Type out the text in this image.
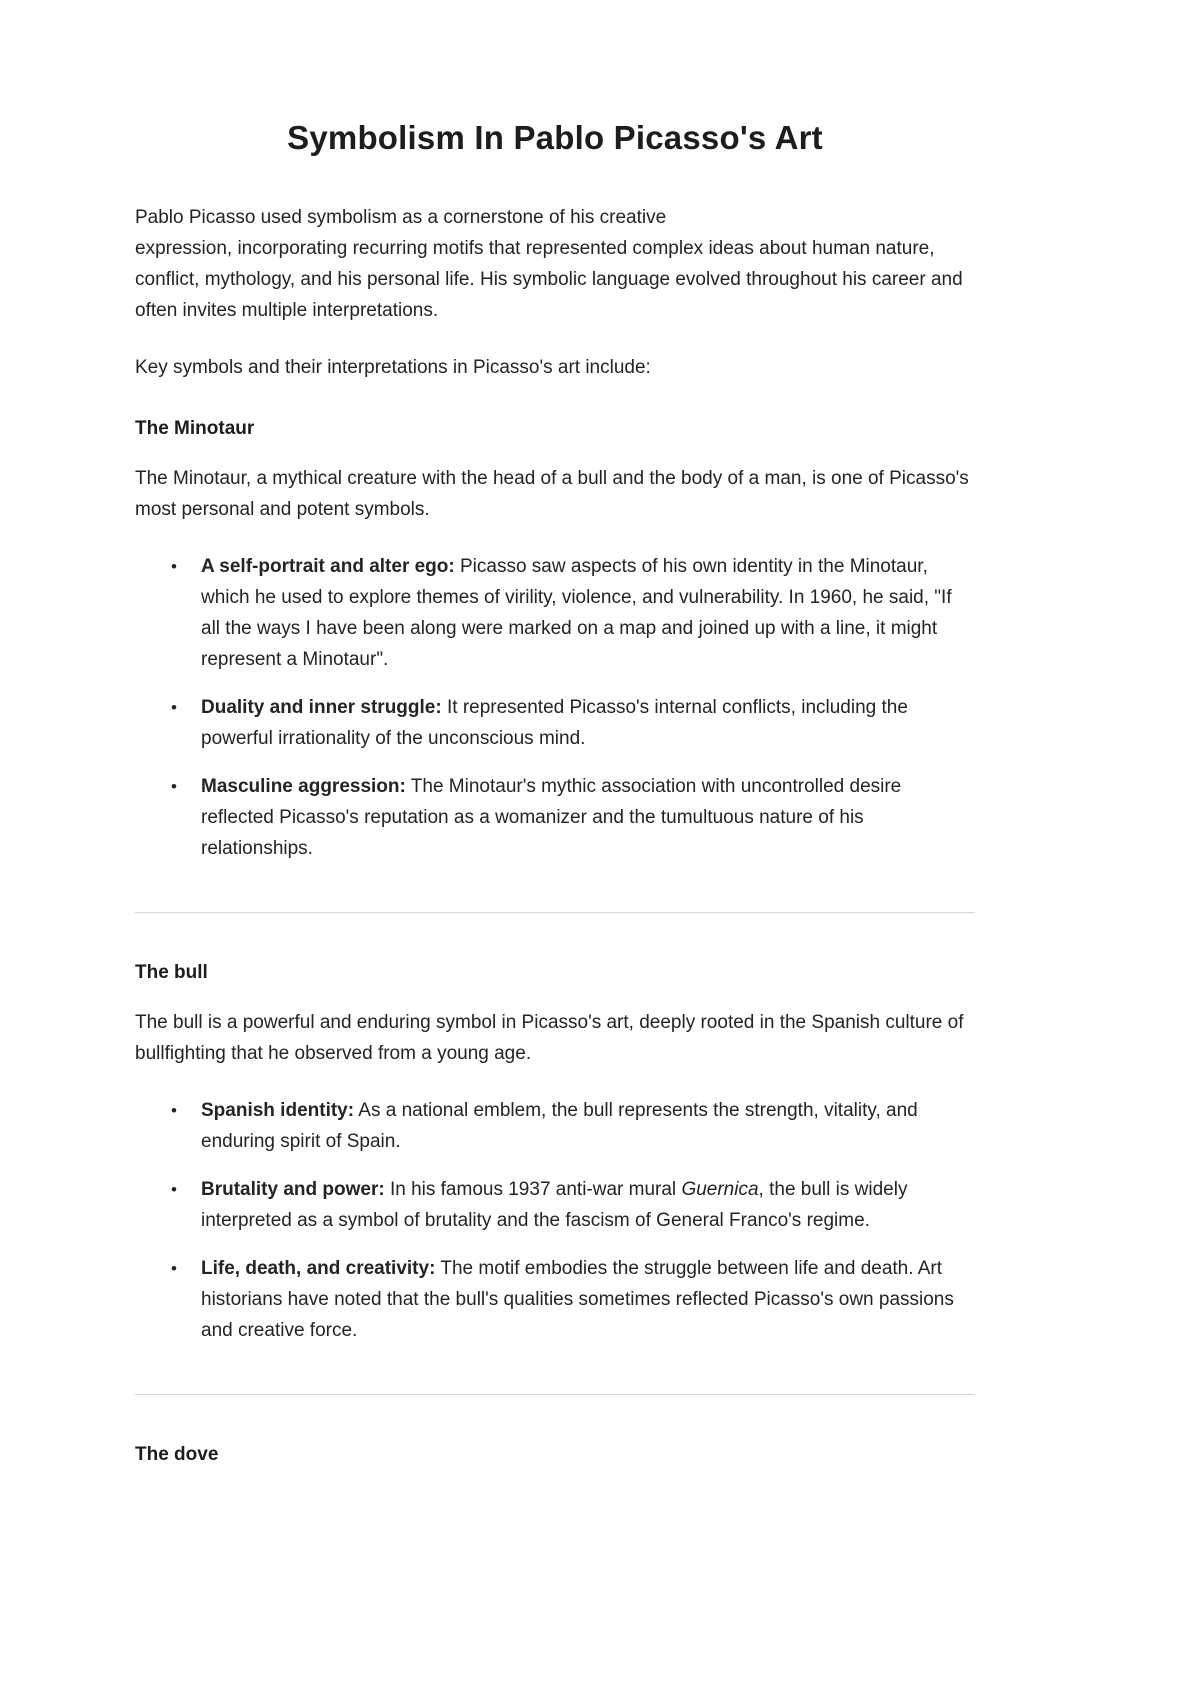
Symbolism In Pablo Picasso's Art

Pablo Picasso used symbolism as a cornerstone of his creative
expression, incorporating recurring motifs that represented complex ideas about human nature, conflict, mythology, and his personal life. His symbolic language evolved throughout his career and often invites multiple interpretations.

Key symbols and their interpretations in Picasso's art include:

The Minotaur

The Minotaur, a mythical creature with the head of a bull and the body of a man, is one of Picasso's most personal and potent symbols.

• A self-portrait and alter ego: Picasso saw aspects of his own identity in the Minotaur, which he used to explore themes of virility, violence, and vulnerability. In 1960, he said, "If all the ways I have been along were marked on a map and joined up with a line, it might represent a Minotaur".
• Duality and inner struggle: It represented Picasso's internal conflicts, including the powerful irrationality of the unconscious mind.
• Masculine aggression: The Minotaur's mythic association with uncontrolled desire reflected Picasso's reputation as a womanizer and the tumultuous nature of his relationships.
The bull

The bull is a powerful and enduring symbol in Picasso's art, deeply rooted in the Spanish culture of bullfighting that he observed from a young age.

• Spanish identity: As a national emblem, the bull represents the strength, vitality, and enduring spirit of Spain.
• Brutality and power: In his famous 1937 anti-war mural Guernica, the bull is widely interpreted as a symbol of brutality and the fascism of General Franco's regime.
• Life, death, and creativity: The motif embodies the struggle between life and death. Art historians have noted that the bull's qualities sometimes reflected Picasso's own passions and creative force.
The dove
